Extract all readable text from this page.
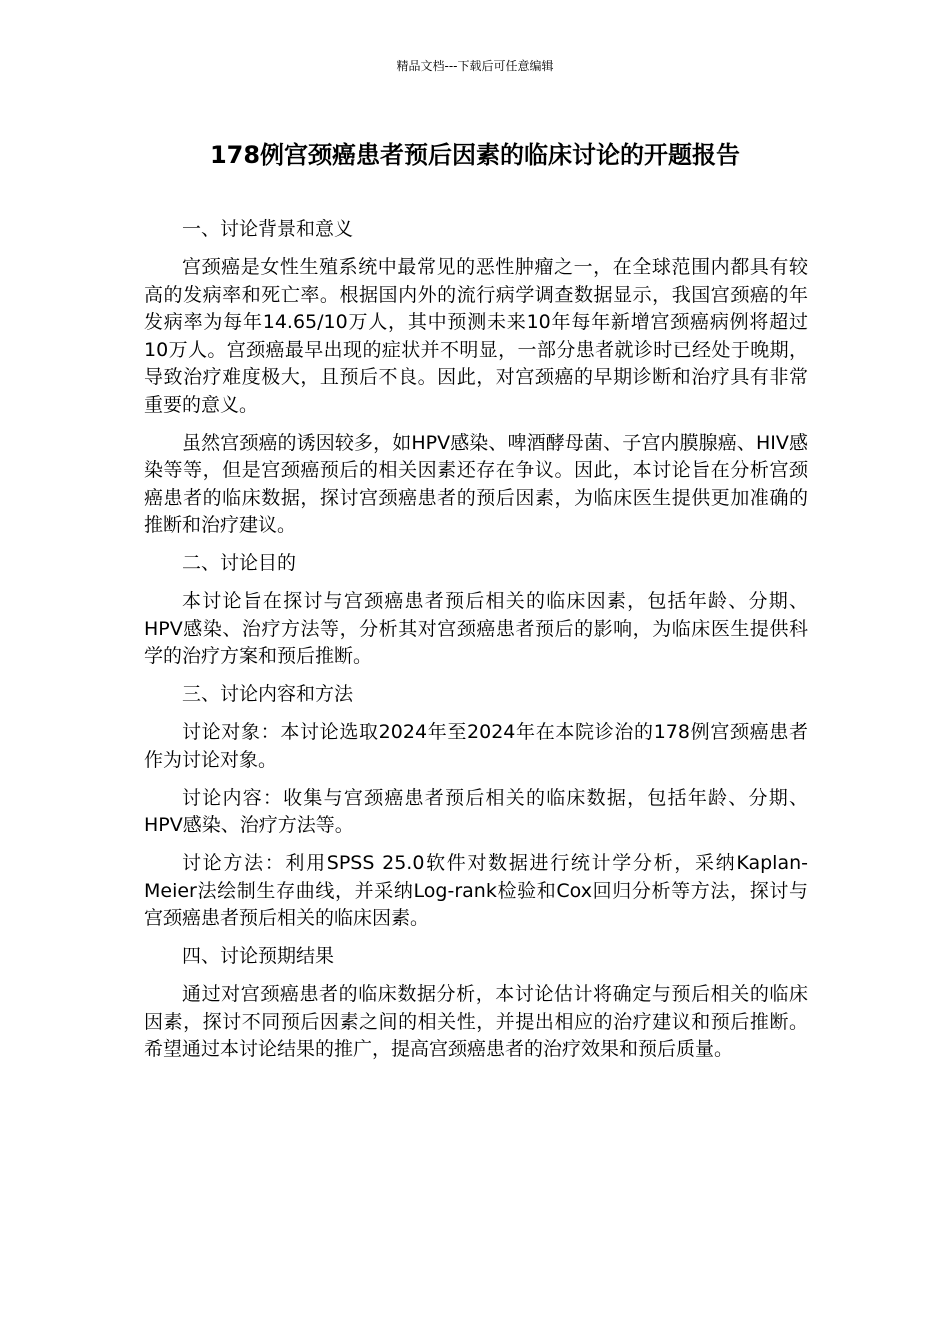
精品文档---下载后可任意编辑
178例宫颈癌患者预后因素的临床讨论的开题报告

一、讨论背景和意义

宫颈癌是女性生殖系统中最常见的恶性肿瘤之一，在全球范围内都具有较高的发病率和死亡率。根据国内外的流行病学调查数据显示，我国宫颈癌的年发病率为每年14.65/10万人，其中预测未来10年每年新增宫颈癌病例将超过10万人。宫颈癌最早出现的症状并不明显，一部分患者就诊时已经处于晚期，导致治疗难度极大，且预后不良。因此，对宫颈癌的早期诊断和治疗具有非常重要的意义。

虽然宫颈癌的诱因较多，如HPV感染、啤酒酵母菌、子宫内膜腺癌、HIV感染等等，但是宫颈癌预后的相关因素还存在争议。因此，本讨论旨在分析宫颈癌患者的临床数据，探讨宫颈癌患者的预后因素，为临床医生提供更加准确的推断和治疗建议。

二、讨论目的

本讨论旨在探讨与宫颈癌患者预后相关的临床因素，包括年龄、分期、HPV感染、治疗方法等，分析其对宫颈癌患者预后的影响，为临床医生提供科学的治疗方案和预后推断。

三、讨论内容和方法

讨论对象：本讨论选取2024年至2024年在本院诊治的178例宫颈癌患者作为讨论对象。

讨论内容：收集与宫颈癌患者预后相关的临床数据，包括年龄、分期、HPV感染、治疗方法等。

讨论方法：利用SPSS 25.0软件对数据进行统计学分析，采纳Kaplan-Meier法绘制生存曲线，并采纳Log-rank检验和Cox回归分析等方法，探讨与宫颈癌患者预后相关的临床因素。

四、讨论预期结果

通过对宫颈癌患者的临床数据分析，本讨论估计将确定与预后相关的临床因素，探讨不同预后因素之间的相关性，并提出相应的治疗建议和预后推断。希望通过本讨论结果的推广，提高宫颈癌患者的治疗效果和预后质量。
